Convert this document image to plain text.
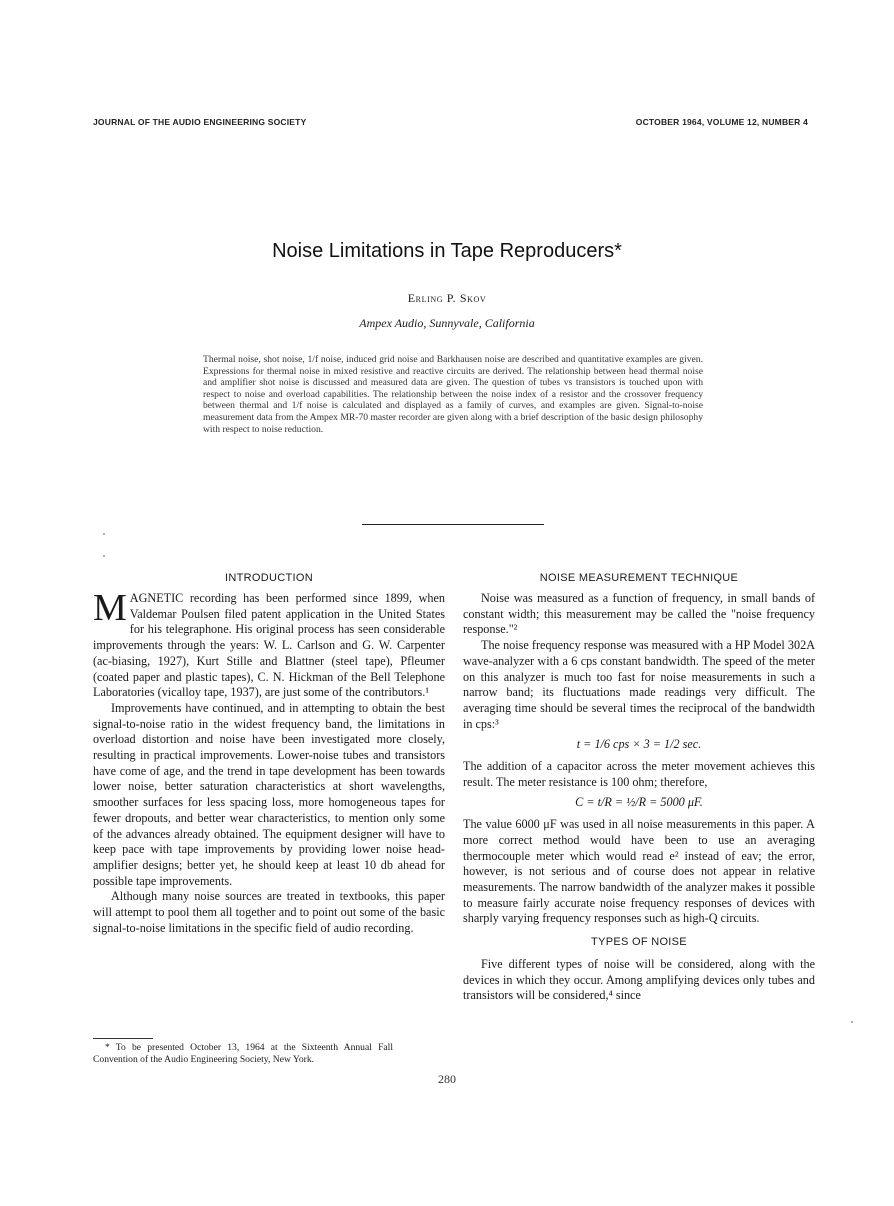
JOURNAL OF THE AUDIO ENGINEERING SOCIETY	OCTOBER 1964, VOLUME 12, NUMBER 4
Noise Limitations in Tape Reproducers*
Erling P. Skov
Ampex Audio, Sunnyvale, California

Thermal noise, shot noise, 1/f noise, induced grid noise and Barkhausen noise are described and quantitative examples are given. Expressions for thermal noise in mixed resistive and reactive circuits are derived. The relationship between head thermal noise and amplifier shot noise is discussed and measured data are given. The question of tubes vs transistors is touched upon with respect to noise and overload capabilities. The relationship between the noise index of a resistor and the crossover frequency between thermal and 1/f noise is calculated and displayed as a family of curves, and examples are given. Signal-to-noise measurement data from the Ampex MR-70 master recorder are given along with a brief description of the basic design philosophy with respect to noise reduction.

INTRODUCTION

MAGNETIC recording has been performed since 1899, when Valdemar Poulsen filed patent application in the United States for his telegraphone. His original process has seen considerable improvements through the years: W. L. Carlson and G. W. Carpenter (ac-biasing, 1927), Kurt Stille and Blattner (steel tape), Pfleumer (coated paper and plastic tapes), C. N. Hickman of the Bell Telephone Laboratories (vicalloy tape, 1937), are just some of the contributors.¹

Improvements have continued, and in attempting to obtain the best signal-to-noise ratio in the widest frequency band, the limitations in overload distortion and noise have been investigated more closely, resulting in practical improvements. Lower-noise tubes and transistors have come of age, and the trend in tape development has been towards lower noise, better saturation characteristics at short wavelengths, smoother surfaces for less spacing loss, more homogeneous tapes for fewer dropouts, and better wear characteristics, to mention only some of the advances already obtained. The equipment designer will have to keep pace with tape improvements by providing lower noise head-amplifier designs; better yet, he should keep at least 10 db ahead for possible tape improvements.

Although many noise sources are treated in textbooks, this paper will attempt to pool them all together and to point out some of the basic signal-to-noise limitations in the specific field of audio recording.

* To be presented October 13, 1964 at the Sixteenth Annual Fall Convention of the Audio Engineering Society, New York.

NOISE MEASUREMENT TECHNIQUE

Noise was measured as a function of frequency, in small bands of constant width; this measurement may be called the "noise frequency response."²

The noise frequency response was measured with a HP Model 302A wave-analyzer with a 6 cps constant bandwidth. The speed of the meter on this analyzer is much too fast for noise measurements in such a narrow band; its fluctuations made readings very difficult. The averaging time should be several times the reciprocal of the bandwidth in cps:³

t = 1/6 cps × 3 = 1/2 sec.

The addition of a capacitor across the meter movement achieves this result. The meter resistance is 100 ohm; therefore,

C = t/R = ½/R = 5000 μF.

The value 6000 μF was used in all noise measurements in this paper. A more correct method would have been to use an averaging thermocouple meter which would read e² instead of eav; the error, however, is not serious and of course does not appear in relative measurements. The narrow bandwidth of the analyzer makes it possible to measure fairly accurate noise frequency responses of devices with sharply varying frequency responses such as high-Q circuits.

TYPES OF NOISE

Five different types of noise will be considered, along with the devices in which they occur. Among amplifying devices only tubes and transistors will be considered,⁴ since

280
